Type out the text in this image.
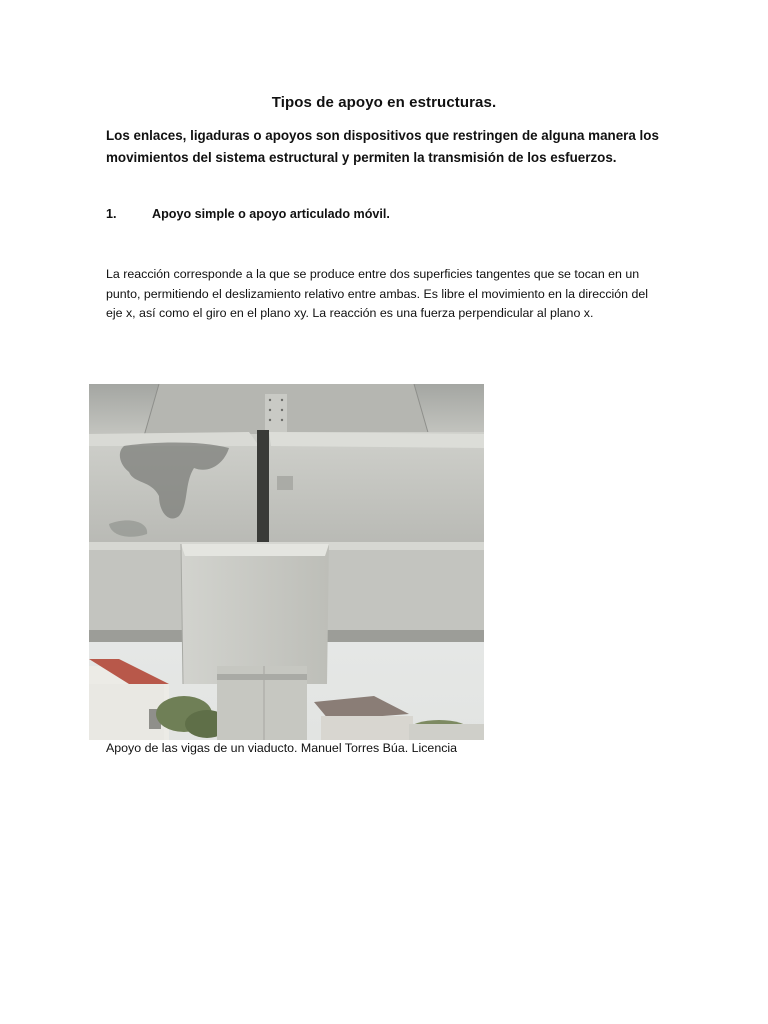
Tipos de apoyo en estructuras.
Los enlaces, ligaduras o apoyos son dispositivos que restringen de alguna manera los movimientos del sistema estructural y permiten la transmisión de los esfuerzos.
1.	Apoyo simple o apoyo articulado móvil.
La reacción corresponde a la que se produce entre dos superficies tangentes que se tocan en un punto, permitiendo el deslizamiento relativo entre ambas. Es libre el movimiento en la dirección del eje x, así como el giro en el plano xy. La reacción es una fuerza perpendicular al plano x.
Apoyo de las vigas de un viaducto. Manuel Torres Búa. Licencia
